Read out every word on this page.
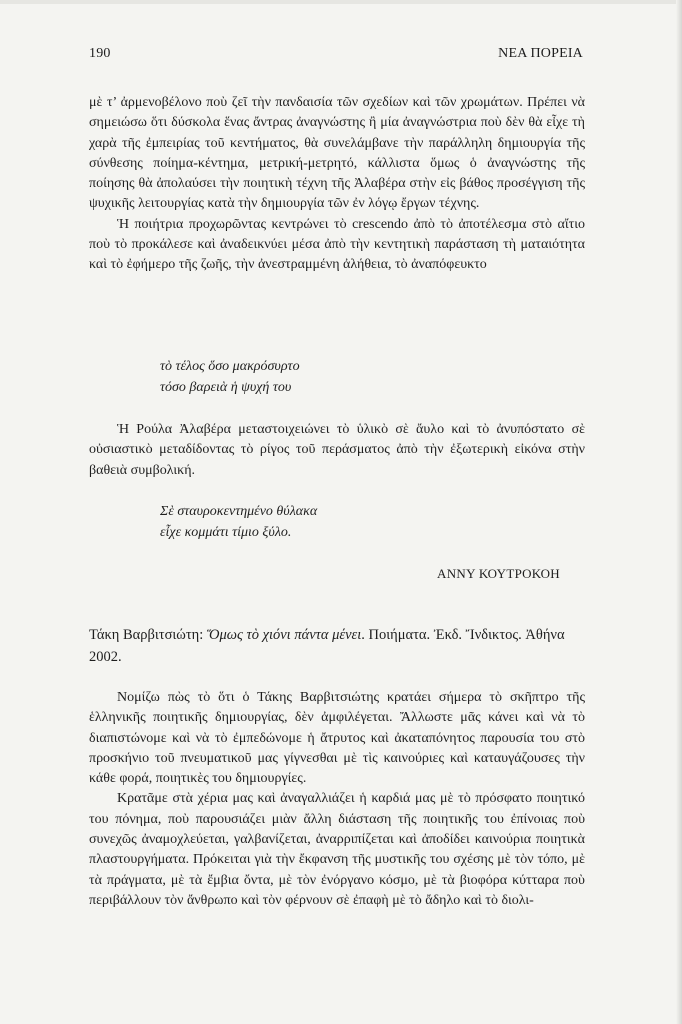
190	ΝΕΑ ΠΟΡΕΙΑ

μὲ τ’ ἀρμενοβέλονο ποὺ ζεῖ τὴν πανδαισία τῶν σχεδίων καὶ τῶν χρωμάτων. Πρέπει νὰ σημειώσω ὅτι δύσκολα ἕνας ἄντρας ἀναγνώστης ἢ μία ἀναγνώστρια ποὺ δὲν θὰ εἶχε τὴ χαρὰ τῆς ἐμπειρίας τοῦ κεντήματος, θὰ συνελάμβανε τὴν παράλληλη δημιουργία τῆς σύνθεσης ποίημα-κέντημα, μετρική-μετρητό, κάλλιστα ὅμως ὁ ἀναγνώστης τῆς ποίησης θὰ ἀπολαύσει τὴν ποιητικὴ τέχνη τῆς Ἀλαβέρα στὴν εἰς βάθος προσέγγιση τῆς ψυχικῆς λειτουργίας κατὰ τὴν δημιουργία τῶν ἐν λόγῳ ἔργων τέχνης.

Ἡ ποιήτρια προχωρῶντας κεντρώνει τὸ crescendo ἀπὸ τὸ ἀποτέλεσμα στὸ αἴτιο ποὺ τὸ προκάλεσε καὶ ἀναδεικνύει μέσα ἀπὸ τὴν κεντητικὴ παράσταση τὴ ματαιότητα καὶ τὸ ἐφήμερο τῆς ζωῆς, τὴν ἀνεστραμμένη ἀλήθεια, τὸ ἀναπόφευκτο

τὸ τέλος ὅσο μακρόσυρτο
τόσο βαρειὰ ἡ ψυχή του

Ἡ Ρούλα Ἀλαβέρα μεταστοιχειώνει τὸ ὑλικὸ σὲ ἄυλο καὶ τὸ ἀνυπόστατο σὲ οὐσιαστικὸ μεταδίδοντας τὸ ρίγος τοῦ περάσματος ἀπὸ τὴν ἐξωτερικὴ εἰκόνα στὴν βαθειὰ συμβολική.

Σὲ σταυροκεντημένο θύλακα
εἶχε κομμάτι τίμιο ξύλο.
ΑΝΝΥ ΚΟΥΤΡΟΚΟΗ
Τάκη Βαρβιτσιώτη: Ὅμως τὸ χιόνι πάντα μένει. Ποιήματα. Ἐκδ. Ἴνδικτος. Ἀθήνα 2002.

Νομίζω πὼς τὸ ὅτι ὁ Τάκης Βαρβιτσιώτης κρατάει σήμερα τὸ σκῆπτρο τῆς ἑλληνικῆς ποιητικῆς δημιουργίας, δὲν ἀμφιλέγεται. Ἄλλωστε μᾶς κάνει καὶ νὰ τὸ διαπιστώνομε καὶ νὰ τὸ ἐμπεδώνομε ἡ ἄτρυτος καὶ ἀκαταπόνητος παρουσία του στὸ προσκήνιο τοῦ πνευματικοῦ μας γίγνεσθαι μὲ τὶς καινούριες καὶ καταυγάζουσες τὴν κάθε φορά, ποιητικὲς του δημιουργίες.

Κρατᾶμε στὰ χέρια μας καὶ ἀναγαλλιάζει ἡ καρδιά μας μὲ τὸ πρόσφατο ποιητικό του πόνημα, ποὺ παρουσιάζει μιὰν ἄλλη διάσταση τῆς ποιητικῆς του ἐπίνοιας ποὺ συνεχῶς ἀναμοχλεύεται, γαλβανίζεται, ἀναρριπίζεται καὶ ἀποδίδει καινούρια ποιητικὰ πλαστουργήματα. Πρόκειται γιὰ τὴν ἔκφανση τῆς μυστικῆς του σχέσης μὲ τὸν τόπο, μὲ τὰ πράγματα, μὲ τὰ ἔμβια ὄντα, μὲ τὸν ἐνόργανο κόσμο, μὲ τὰ βιοφόρα κύτταρα ποὺ περιβάλλουν τὸν ἄνθρωπο καὶ τὸν φέρνουν σὲ ἐπαφὴ μὲ τὸ ἄδηλο καὶ τὸ διολι-
